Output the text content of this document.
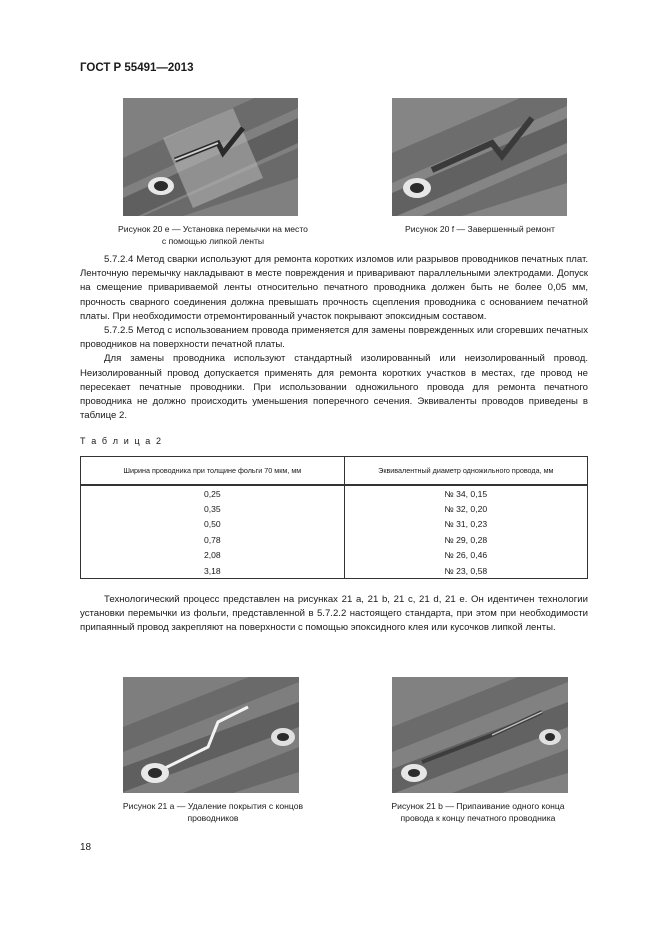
ГОСТ Р 55491—2013
Рисунок 20 е — Установка перемычки на место
с помощью липкой ленты
Рисунок 20 f — Завершенный ремонт

5.7.2.4 Метод сварки используют для ремонта коротких изломов или разрывов проводников печатных плат. Ленточную перемычку накладывают в месте повреждения и приваривают параллельными электродами. Допуск на смещение привариваемой ленты относительно печатного проводника должен быть не более 0,05 мм, прочность сварного соединения должна превышать прочность сцепления проводника с основанием печатной платы. При необходимости отремонтированный участок покрывают эпоксидным составом.

5.7.2.5 Метод с использованием провода применяется для замены поврежденных или сгоревших печатных проводников на поверхности печатной платы.

Для замены проводника используют стандартный изолированный или неизолированный провод. Неизолированный провод допускается применять для ремонта коротких участков в местах, где провод не пересекает печатные проводники. При использовании одножильного провода для ремонта печатного проводника не должно происходить уменьшения поперечного сечения. Эквиваленты проводов приведены в таблице 2.

Т а б л и ц а 2
Ширина проводника при толщине фольги 70 мкм, мм	Эквивалентный диаметр одножильного провода, мм
0,25	№ 34, 0,15
0,35	№ 32, 0,20
0,50	№ 31, 0,23
0,78	№ 29, 0,28
2,08	№ 26, 0,46
3,18	№ 23, 0,58

Технологический процесс представлен на рисунках 21 a, 21 b, 21 c, 21 d, 21 e. Он идентичен технологии установки перемычки из фольги, представленной в 5.7.2.2 настоящего стандарта, при этом при необходимости припаянный провод закрепляют на поверхности с помощью эпоксидного клея или кусочков липкой ленты.

Рисунок 21 a — Удаление покрытия с концов
проводников
Рисунок 21 b — Припаивание одного конца
провода к концу печатного проводника
18
